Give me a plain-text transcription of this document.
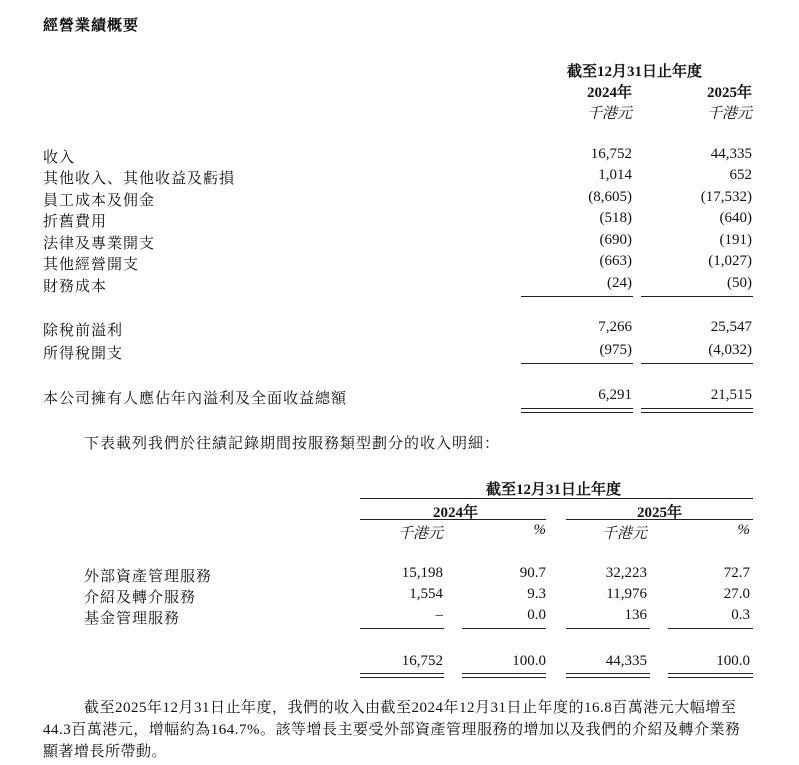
經營業績概要
截至12月31日止年度
2024年	2025年
千港元	千港元
收入	16,752	44,335
其他收入、其他收益及虧損	1,014	652
員工成本及佣金	(8,605)	(17,532)
折舊費用	(518)	(640)
法律及專業開支	(690)	(191)
其他經營開支	(663)	(1,027)
財務成本	(24)	(50)
除稅前溢利	7,266	25,547
所得稅開支	(975)	(4,032)
本公司擁有人應佔年內溢利及全面收益總額	6,291	21,515
下表載列我們於往績記錄期間按服務類型劃分的收入明細：
截至12月31日止年度
2024年	2025年
千港元	%	千港元	%
外部資產管理服務	15,198	90.7	32,223	72.7
介紹及轉介服務	1,554	9.3	11,976	27.0
基金管理服務	–	0.0	136	0.3
16,752	100.0	44,335	100.0
截至2025年12月31日止年度，我們的收入由截至2024年12月31日止年度的16.8百萬港元大幅增至44.3百萬港元，增幅約為164.7%。該等增長主要受外部資產管理服務的增加以及我們的介紹及轉介業務顯著增長所帶動。
